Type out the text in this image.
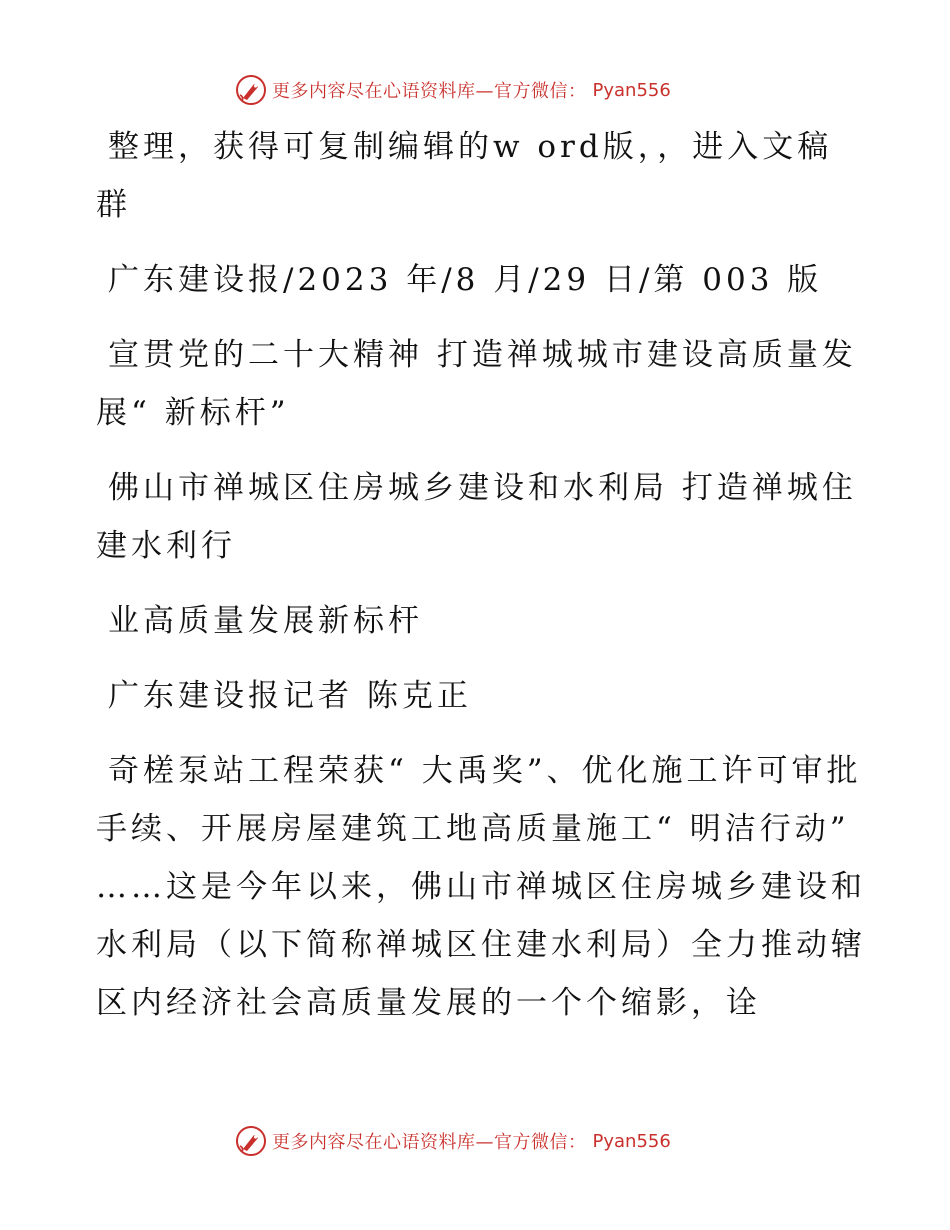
更多内容尽在心语资料库—官方微信： Pyan556

整理，获得可复制编辑的w ord版，，进入文稿群

广东建设报/2023 年/8 月/29 日/第 003 版

宣贯党的二十大精神 打造禅城城市建设高质量发展“ 新标杆”

佛山市禅城区住房城乡建设和水利局 打造禅城住建水利行

业高质量发展新标杆

广东建设报记者 陈克正

奇槎泵站工程荣获“ 大禹奖”、优化施工许可审批手续、开展房屋建筑工地高质量施工“ 明洁行动” ……这是今年以来，佛山市禅城区住房城乡建设和水利局（以下简称禅城区住建水利局）全力推动辖区内经济社会高质量发展的一个个缩影，诠

更多内容尽在心语资料库—官方微信： Pyan556
